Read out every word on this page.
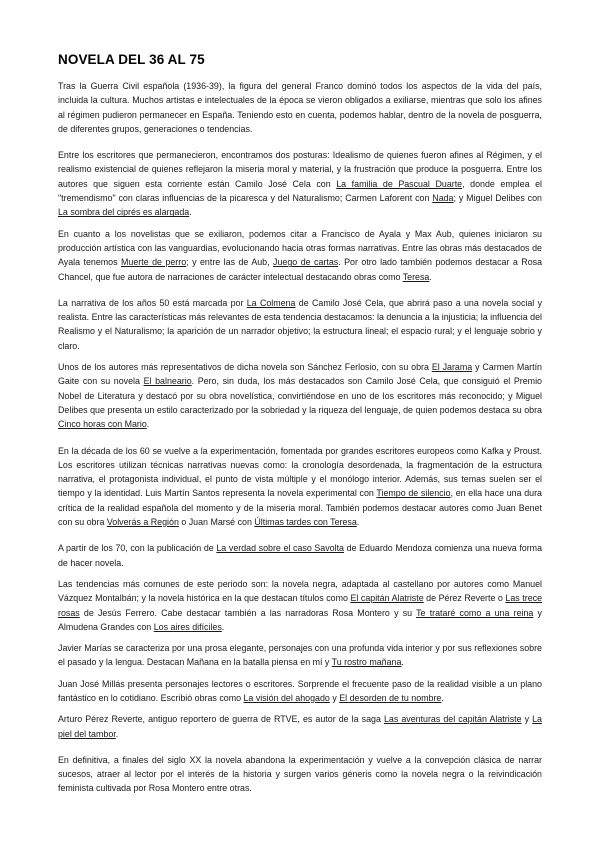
NOVELA DEL 36 AL 75

Tras la Guerra Civil española (1936-39), la figura del general Franco dominó todos los aspectos de la vida del país, incluida la cultura. Muchos artistas e intelectuales de la época se vieron obligados a exiliarse, mientras que solo los afines al régimen pudieron permanecer en España. Teniendo esto en cuenta, podemos hablar, dentro de la novela de posguerra, de diferentes grupos, generaciones o tendencias.

Entre los escritores que permanecieron, encontramos dos posturas: Idealismo de quienes fueron afines al Régimen, y el realismo existencial de quienes reflejaron la miseria moral y material, y la frustración que produce la posguerra. Entre los autores que siguen esta corriente están Camilo José Cela con La familia de Pascual Duarte, donde emplea el "tremendismo" con claras influencias de la picaresca y del Naturalismo; Carmen Laforent con Nada; y Miguel Delibes con La sombra del ciprés es alargada.

En cuanto a los novelistas que se exiliaron, podemos citar a Francisco de Ayala y Max Aub, quienes iniciaron su producción artística con las vanguardias, evolucionando hacia otras formas narrativas. Entre las obras más destacados de Ayala tenemos Muerte de perro; y entre las de Aub, Juego de cartas. Por otro lado también podemos destacar a Rosa Chancel, que fue autora de narraciones de carácter intelectual destacando obras como Teresa.

La narrativa de los años 50 está marcada por La Colmena de Camilo José Cela, que abrirá paso a una novela social y realista. Entre las características más relevantes de esta tendencia destacamos: la denuncia a la injusticia; la influencia del Realismo y el Naturalismo; la aparición de un narrador objetivo; la estructura lineal; el espacio rural; y el lenguaje sobrio y claro.

Unos de los autores más representativos de dicha novela son Sánchez Ferlosio, con su obra El Jarama y Carmen Martín Gaite con su novela El balneario. Pero, sin duda, los más destacados son Camilo José Cela, que consiguió el Premio Nobel de Literatura y destacó por su obra novelística, convirtiéndose en uno de los escritores más reconocido; y Miguel Delibes que presenta un estilo caracterizado por la sobriedad y la riqueza del lenguaje, de quien podemos destaca su obra Cinco horas con Mario.

En la década de los 60 se vuelve a la experimentación, fomentada por grandes escritores europeos como Kafka y Proust. Los escritores utilizan técnicas narrativas nuevas como: la cronología desordenada, la fragmentación de la estructura narrativa, el protagonista individual, el punto de vista múltiple y el monólogo interior. Además, sus temas suelen ser el tiempo y la identidad. Luis Martín Santos representa la novela experimental con Tiempo de silencio, en ella hace una dura crítica de la realidad española del momento y de la miseria moral. También podemos destacar autores como Juan Benet con su obra Volverás a Región o Juan Marsé con Últimas tardes con Teresa.

A partir de los 70, con la publicación de La verdad sobre el caso Savolta de Eduardo Mendoza comienza una nueva forma de hacer novela.

Las tendencias más comunes de este periodo son: la novela negra, adaptada al castellano por autores como Manuel Vázquez Montalbán; y la novela histórica en la que destacan títulos como El capitán Alatriste de Pérez Reverte o Las trece rosas de Jesús Ferrero. Cabe destacar también a las narradoras Rosa Montero y su Te trataré como a una reina y Almudena Grandes con Los aires difíciles.

Javier Marías se caracteriza por una prosa elegante, personajes con una profunda vida interior y por sus reflexiones sobre el pasado y la lengua. Destacan Mañana en la batalla piensa en mí y Tu rostro mañana.

Juan José Millás presenta personajes lectores o escritores. Sorprende el frecuente paso de la realidad visible a un plano fantástico en lo cotidiano. Escribió obras como La visión del ahogado y El desorden de tu nombre.

Arturo Pérez Reverte, antiguo reportero de guerra de RTVE, es autor de la saga Las aventuras del capitán Alatriste y La piel del tambor.

En definitiva, a finales del siglo XX la novela abandona la experimentación y vuelve a la convepción clásica de narrar sucesos, atraer al lector por el interés de la historia y surgen varios géneris como la novela negra o la reivindicación feminista cultivada por Rosa Montero entre otras.
